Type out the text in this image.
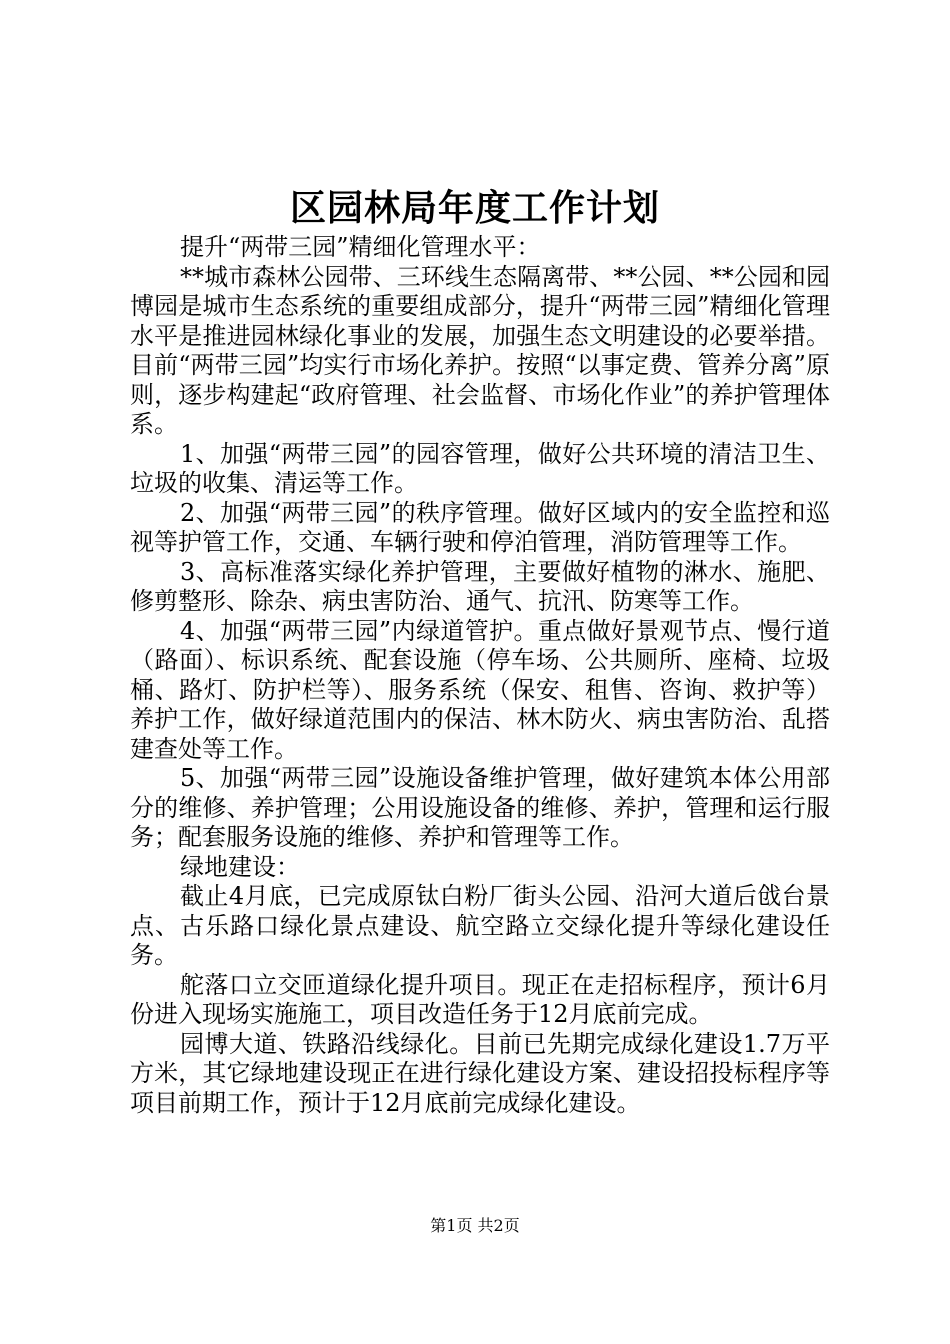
区园林局年度工作计划

提升“两带三园”精细化管理水平：

**城市森林公园带、三环线生态隔离带、**公园、**公园和园博园是城市生态系统的重要组成部分，提升“两带三园”精细化管理水平是推进园林绿化事业的发展，加强生态文明建设的必要举措。目前“两带三园”均实行市场化养护。按照“以事定费、管养分离”原则，逐步构建起“政府管理、社会监督、市场化作业”的养护管理体系。

1、加强“两带三园”的园容管理，做好公共环境的清洁卫生、垃圾的收集、清运等工作。

2、加强“两带三园”的秩序管理。做好区域内的安全监控和巡视等护管工作，交通、车辆行驶和停泊管理，消防管理等工作。

3、高标准落实绿化养护管理，主要做好植物的淋水、施肥、修剪整形、除杂、病虫害防治、通气、抗汛、防寒等工作。

4、加强“两带三园”内绿道管护。重点做好景观节点、慢行道（路面）、标识系统、配套设施（停车场、公共厕所、座椅、垃圾桶、路灯、防护栏等）、服务系统（保安、租售、咨询、救护等）养护工作，做好绿道范围内的保洁、林木防火、病虫害防治、乱搭建查处等工作。

5、加强“两带三园”设施设备维护管理，做好建筑本体公用部分的维修、养护管理；公用设施设备的维修、养护，管理和运行服务；配套服务设施的维修、养护和管理等工作。

绿地建设：

截止4月底，已完成原钛白粉厂街头公园、沿河大道后戗台景点、古乐路口绿化景点建设、航空路立交绿化提升等绿化建设任务。

舵落口立交匝道绿化提升项目。现正在走招标程序，预计6月份进入现场实施施工，项目改造任务于12月底前完成。

园博大道、铁路沿线绿化。目前已先期完成绿化建设1.7万平方米，其它绿地建设现正在进行绿化建设方案、建设招投标程序等项目前期工作，预计于12月底前完成绿化建设。

第1页 共2页
